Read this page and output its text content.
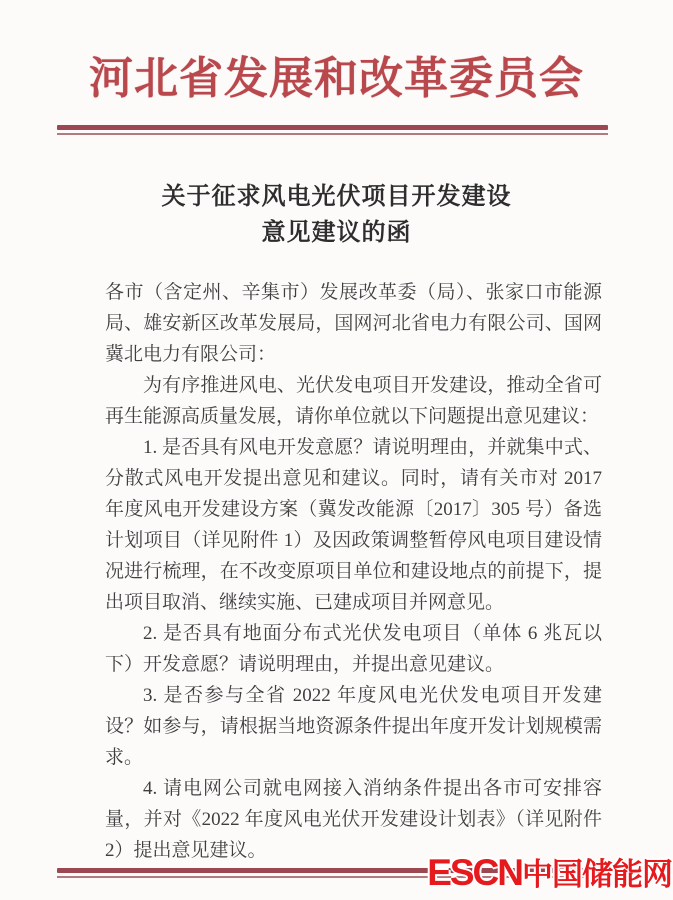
河北省发展和改革委员会
关于征求风电光伏项目开发建设
意见建议的函

各市（含定州、辛集市）发展改革委（局）、张家口市能源局、雄安新区改革发展局，国网河北省电力有限公司、国网冀北电力有限公司：

为有序推进风电、光伏发电项目开发建设，推动全省可再生能源高质量发展，请你单位就以下问题提出意见建议：

1. 是否具有风电开发意愿？请说明理由，并就集中式、分散式风电开发提出意见和建议。同时，请有关市对 2017 年度风电开发建设方案（冀发改能源〔2017〕305 号）备选计划项目（详见附件 1）及因政策调整暂停风电项目建设情况进行梳理，在不改变原项目单位和建设地点的前提下，提出项目取消、继续实施、已建成项目并网意见。

2. 是否具有地面分布式光伏发电项目（单体 6 兆瓦以下）开发意愿？请说明理由，并提出意见建议。

3. 是否参与全省 2022 年度风电光伏发电项目开发建设？如参与，请根据当地资源条件提出年度开发计划规模需求。

4. 请电网公司就电网接入消纳条件提出各市可安排容量，并对《2022 年度风电光伏开发建设计划表》（详见附件 2）提出意见建议。

ESCN中国储能网
